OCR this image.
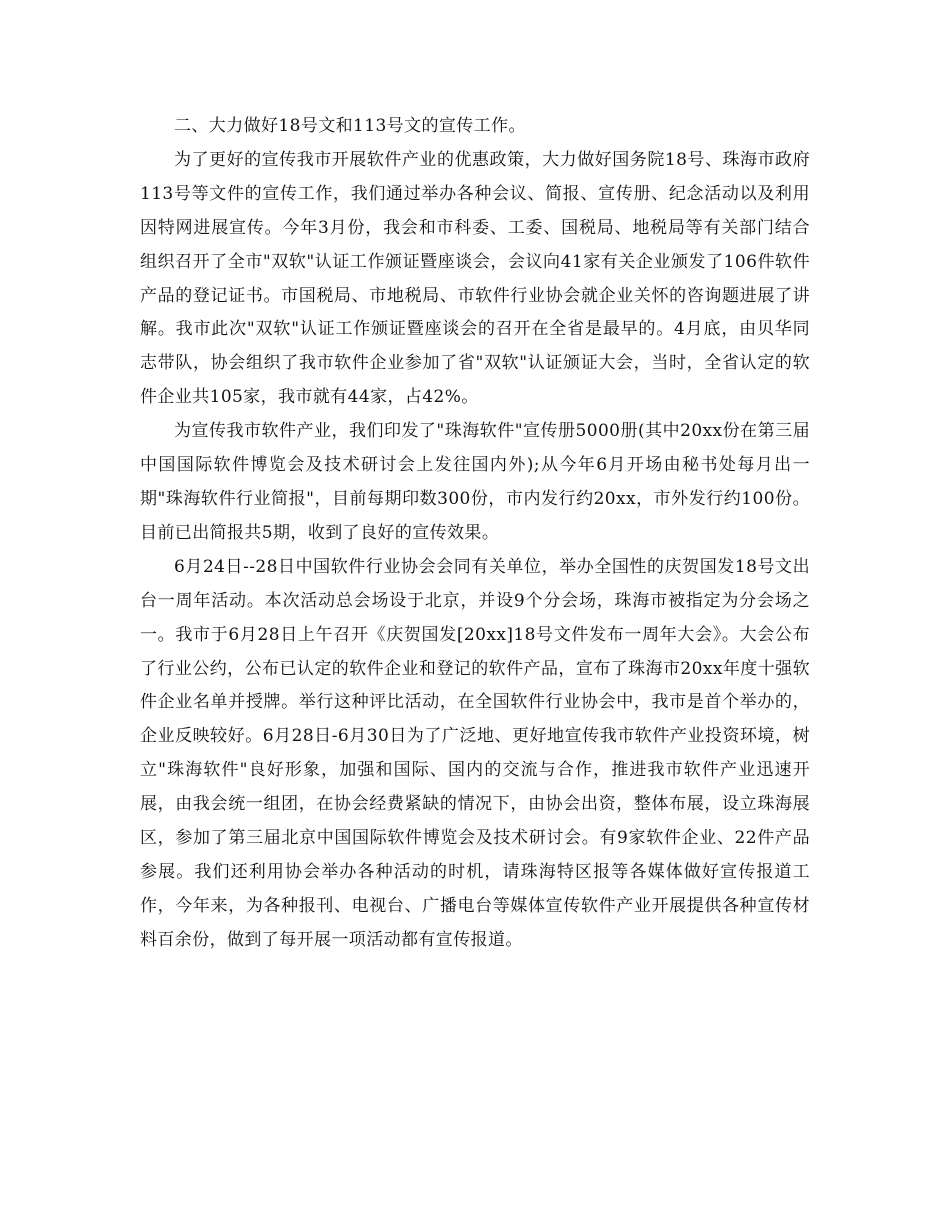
二、大力做好18号文和113号文的宣传工作。

为了更好的宣传我市开展软件产业的优惠政策，大力做好国务院18号、珠海市政府113号等文件的宣传工作，我们通过举办各种会议、简报、宣传册、纪念活动以及利用因特网进展宣传。今年3月份，我会和市科委、工委、国税局、地税局等有关部门结合组织召开了全市"双软"认证工作颁证暨座谈会，会议向41家有关企业颁发了106件软件产品的登记证书。市国税局、市地税局、市软件行业协会就企业关怀的咨询题进展了讲解。我市此次"双软"认证工作颁证暨座谈会的召开在全省是最早的。4月底，由贝华同志带队，协会组织了我市软件企业参加了省"双软"认证颁证大会，当时，全省认定的软件企业共105家，我市就有44家，占42%。

为宣传我市软件产业，我们印发了"珠海软件"宣传册5000册(其中20xx份在第三届中国国际软件博览会及技术研讨会上发往国内外);从今年6月开场由秘书处每月出一期"珠海软件行业简报"，目前每期印数300份，市内发行约20xx，市外发行约100份。目前已出简报共5期，收到了良好的宣传效果。

6月24日--28日中国软件行业协会会同有关单位，举办全国性的庆贺国发18号文出台一周年活动。本次活动总会场设于北京，并设9个分会场，珠海市被指定为分会场之一。我市于6月28日上午召开《庆贺国发[20xx]18号文件发布一周年大会》。大会公布了行业公约，公布已认定的软件企业和登记的软件产品，宣布了珠海市20xx年度十强软件企业名单并授牌。举行这种评比活动，在全国软件行业协会中，我市是首个举办的，企业反映较好。6月28日-6月30日为了广泛地、更好地宣传我市软件产业投资环境，树立"珠海软件"良好形象，加强和国际、国内的交流与合作，推进我市软件产业迅速开展，由我会统一组团，在协会经费紧缺的情况下，由协会出资，整体布展，设立珠海展区，参加了第三届北京中国国际软件博览会及技术研讨会。有9家软件企业、22件产品参展。我们还利用协会举办各种活动的时机，请珠海特区报等各媒体做好宣传报道工作，今年来，为各种报刊、电视台、广播电台等媒体宣传软件产业开展提供各种宣传材料百余份，做到了每开展一项活动都有宣传报道。
